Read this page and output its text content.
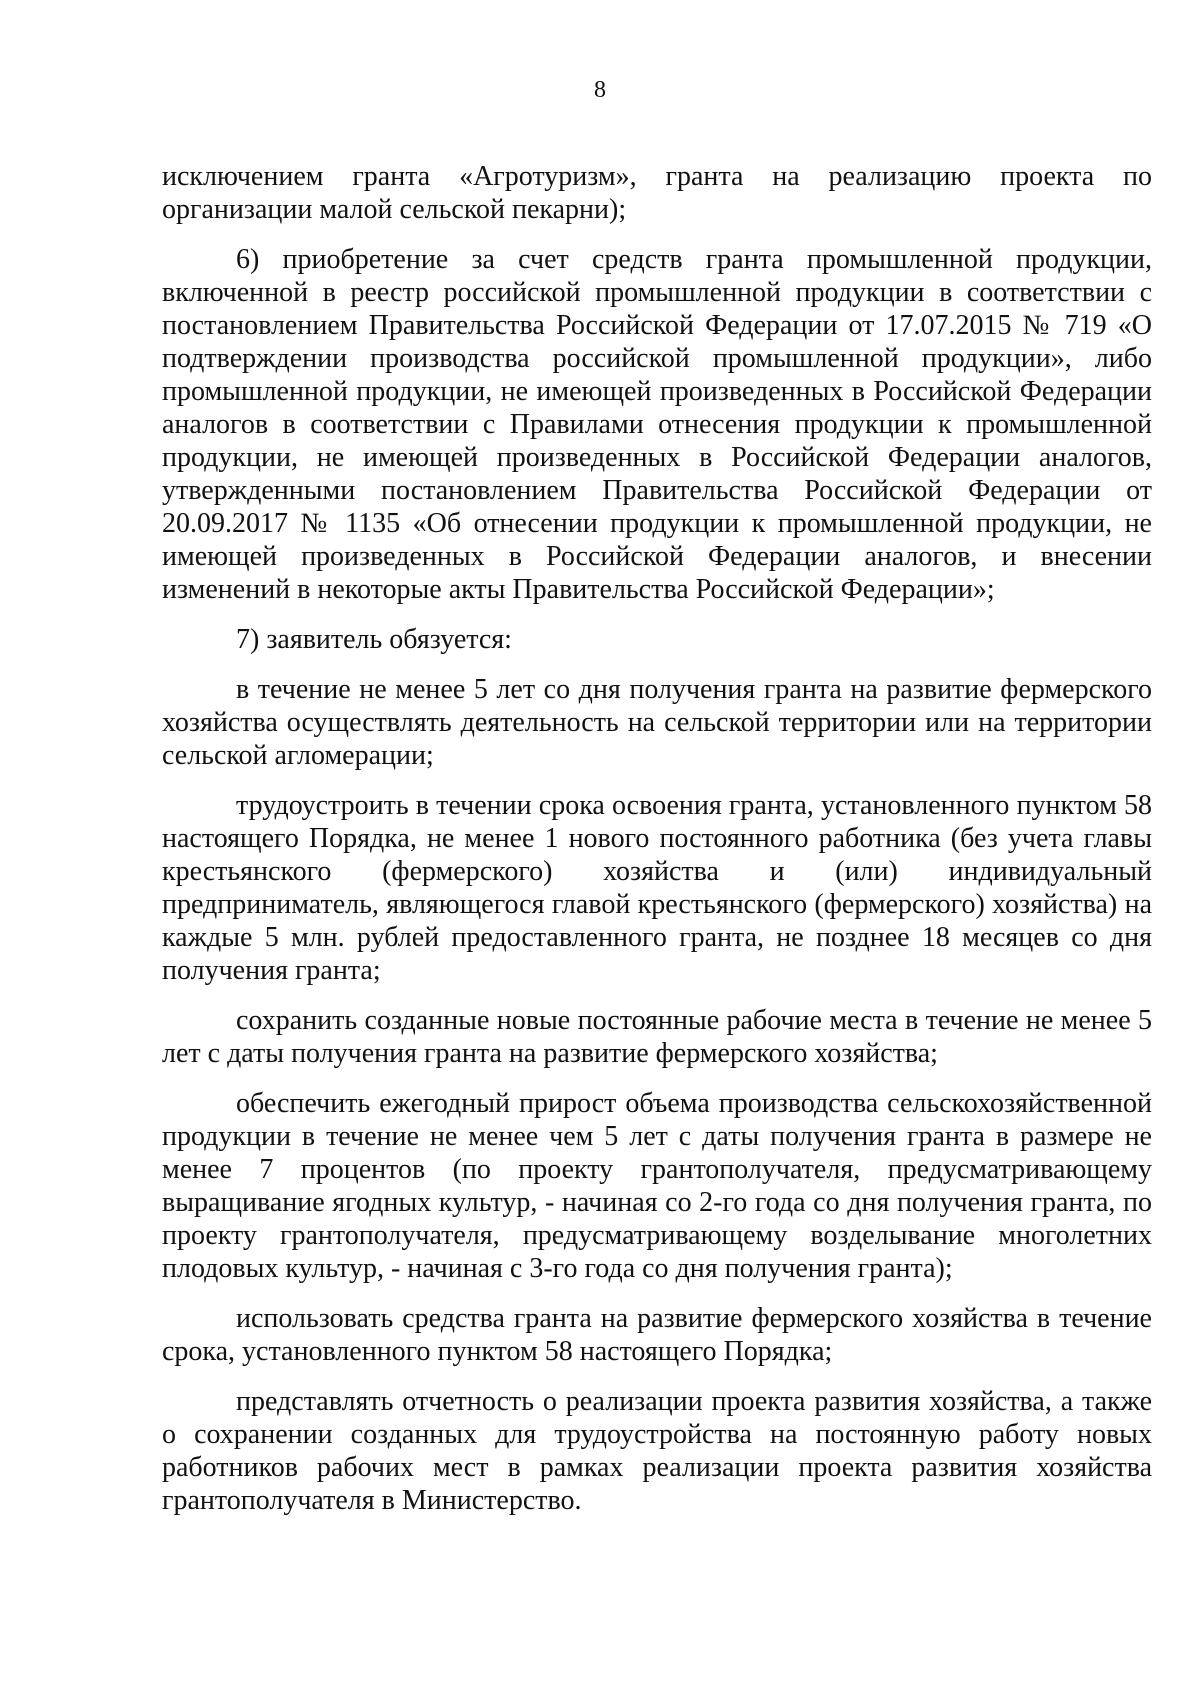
8

исключением гранта «Агротуризм», гранта на реализацию проекта по организации малой сельской пекарни);

6) приобретение за счет средств гранта промышленной продукции, включенной в реестр российской промышленной продукции в соответствии с постановлением Правительства Российской Федерации от 17.07.2015 № 719 «О подтверждении производства российской промышленной продукции», либо промышленной продукции, не имеющей произведенных в Российской Федерации аналогов в соответствии с Правилами отнесения продукции к промышленной продукции, не имеющей произведенных в Российской Федерации аналогов, утвержденными постановлением Правительства Российской Федерации от 20.09.2017 № 1135 «Об отнесении продукции к промышленной продукции, не имеющей произведенных в Российской Федерации аналогов, и внесении изменений в некоторые акты Правительства Российской Федерации»;

7) заявитель обязуется:

в течение не менее 5 лет со дня получения гранта на развитие фермерского хозяйства осуществлять деятельность на сельской территории или на территории сельской агломерации;

трудоустроить в течении срока освоения гранта, установленного пунктом 58 настоящего Порядка, не менее 1 нового постоянного работника (без учета главы крестьянского (фермерского) хозяйства и (или) индивидуальный предприниматель, являющегося главой крестьянского (фермерского) хозяйства) на каждые 5 млн. рублей предоставленного гранта, не позднее 18 месяцев со дня получения гранта;

сохранить созданные новые постоянные рабочие места в течение не менее 5 лет с даты получения гранта на развитие фермерского хозяйства;

обеспечить ежегодный прирост объема производства сельскохозяйственной продукции в течение не менее чем 5 лет с даты получения гранта в размере не менее 7 процентов (по проекту грантополучателя, предусматривающему выращивание ягодных культур, - начиная со 2-го года со дня получения гранта, по проекту грантополучателя, предусматривающему возделывание многолетних плодовых культур, - начиная с 3-го года со дня получения гранта);

использовать средства гранта на развитие фермерского хозяйства в течение срока, установленного пунктом 58 настоящего Порядка;

представлять отчетность о реализации проекта развития хозяйства, а также о сохранении созданных для трудоустройства на постоянную работу новых работников рабочих мест в рамках реализации проекта развития хозяйства грантополучателя в Министерство.
